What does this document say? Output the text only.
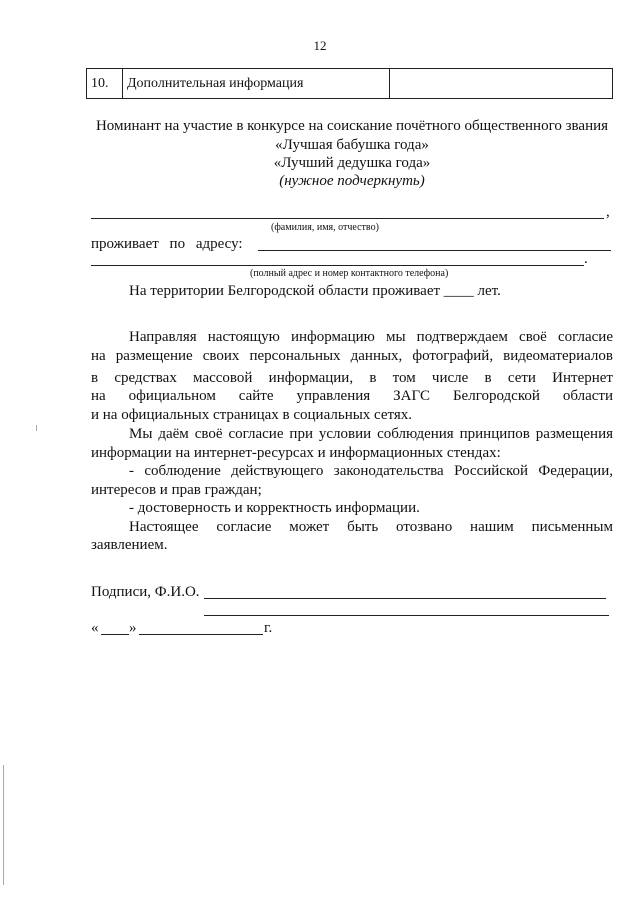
12
10.	Дополнительная информация	
Номинант на участие в конкурсе на соискание почётного общественного звания
«Лучшая бабушка года»
«Лучший дедушка года»
(нужное подчеркнуть)
,
(фамилия, имя, отчество)
проживает по адресу:
.
(полный адрес и номер контактного телефона)
На территории Белгородской области проживает ____ лет.
Направляя настоящую информацию мы подтверждаем своё согласие
на размещение своих персональных данных, фотографий, видеоматериалов
в средствах массовой информации, в том числе в сети Интернет
на официальном сайте управления ЗАГС Белгородской области
и на официальных страницах в социальных сетях.
Мы даём своё согласие при условии соблюдения принципов размещения
информации на интернет-ресурсах и информационных стендах:
- соблюдение действующего законодательства Российской Федерации,
интересов и прав граждан;
- достоверность и корректность информации.
Настоящее согласие может быть отозвано нашим письменным
заявлением.
Подписи, Ф.И.О.
« »	г.
